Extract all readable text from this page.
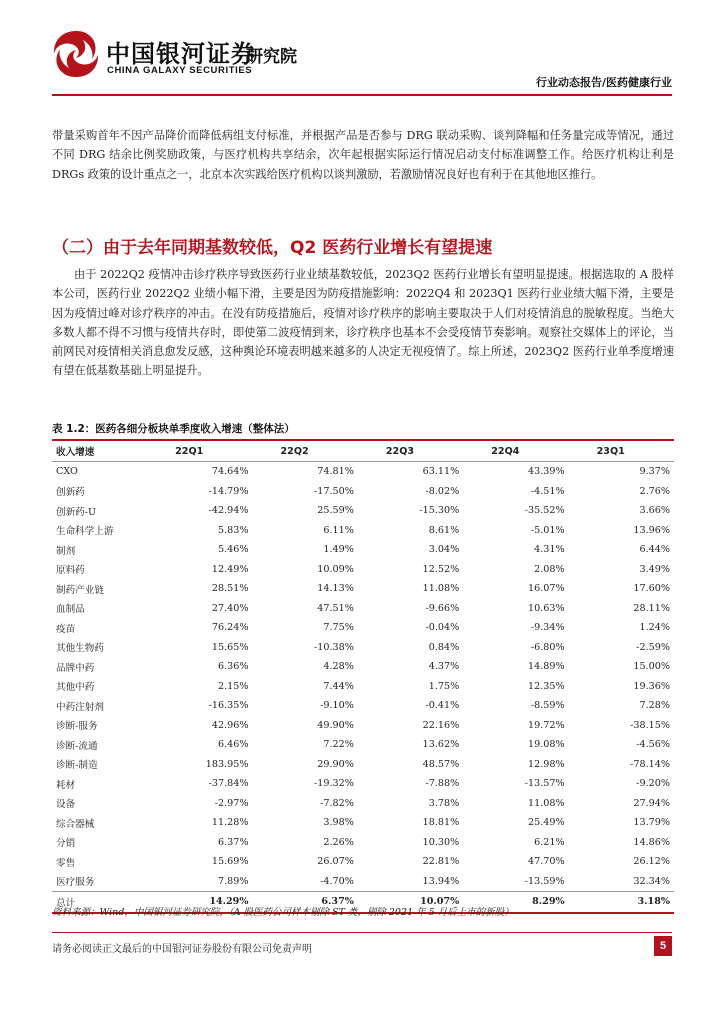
中国银河证券
CHINA GALAXY SECURITIES
研究院
行业动态报告/医药健康行业
带量采购首年不因产品降价而降低病组支付标准，并根据产品是否参与 DRG 联动采购、谈判降幅和任务量完成等情况，通过不同 DRG 结余比例奖励政策，与医疗机构共享结余，次年起根据实际运行情况启动支付标准调整工作。给医疗机构让利是 DRGs 政策的设计重点之一，北京本次实践给医疗机构以谈判激励，若激励情况良好也有利于在其他地区推行。
（二）由于去年同期基数较低，Q2 医药行业增长有望提速
由于 2022Q2 疫情冲击诊疗秩序导致医药行业业绩基数较低，2023Q2 医药行业增长有望明显提速。根据选取的 A 股样本公司，医药行业 2022Q2 业绩小幅下滑，主要是因为防疫措施影响：2022Q4 和 2023Q1 医药行业业绩大幅下滑，主要是因为疫情过峰对诊疗秩序的冲击。在没有防疫措施后，疫情对诊疗秩序的影响主要取决于人们对疫情消息的脱敏程度。当绝大多数人都不得不习惯与疫情共存时，即使第二波疫情到来，诊疗秩序也基本不会受疫情节奏影响。观察社交媒体上的评论，当前网民对疫情相关消息愈发反感，这种舆论环境表明越来越多的人决定无视疫情了。综上所述，2023Q2 医药行业单季度增速有望在低基数基础上明显提升。
表 1.2：医药各细分板块单季度收入增速（整体法）
收入增速	22Q1	22Q2	22Q3	22Q4	23Q1
CXO	74.64%	74.81%	63.11%	43.39%	9.37%
创新药	-14.79%	-17.50%	-8.02%	-4.51%	2.76%
创新药-U	-42.94%	25.59%	-15.30%	-35.52%	3.66%
生命科学上游	5.83%	6.11%	8.61%	-5.01%	13.96%
制剂	5.46%	1.49%	3.04%	4.31%	6.44%
原料药	12.49%	10.09%	12.52%	2.08%	3.49%
制药产业链	28.51%	14.13%	11.08%	16.07%	17.60%
血制品	27.40%	47.51%	-9.66%	10.63%	28.11%
疫苗	76.24%	7.75%	-0.04%	-9.34%	1.24%
其他生物药	15.65%	-10.38%	0.84%	-6.80%	-2.59%
品牌中药	6.36%	4.28%	4.37%	14.89%	15.00%
其他中药	2.15%	7.44%	1.75%	12.35%	19.36%
中药注射剂	-16.35%	-9.10%	-0.41%	-8.59%	7.28%
诊断-服务	42.96%	49.90%	22.16%	19.72%	-38.15%
诊断-流通	6.46%	7.22%	13.62%	19.08%	-4.56%
诊断-制造	183.95%	29.90%	48.57%	12.98%	-78.14%
耗材	-37.84%	-19.32%	-7.88%	-13.57%	-9.20%
设备	-2.97%	-7.82%	3.78%	11.08%	27.94%
综合器械	11.28%	3.98%	18.81%	25.49%	13.79%
分销	6.37%	2.26%	10.30%	6.21%	14.86%
零售	15.69%	26.07%	22.81%	47.70%	26.12%
医疗服务	7.89%	-4.70%	13.94%	-13.59%	32.34%
总计	14.29%	6.37%	10.07%	8.29%	3.18%
资料来源：Wind，中国银河证券研究院，（A 股医药公司样本剔除 ST 类，剔除 2021 年 5 月后上市的新股）
请务必阅读正文最后的中国银河证券股份有限公司免责声明	5
